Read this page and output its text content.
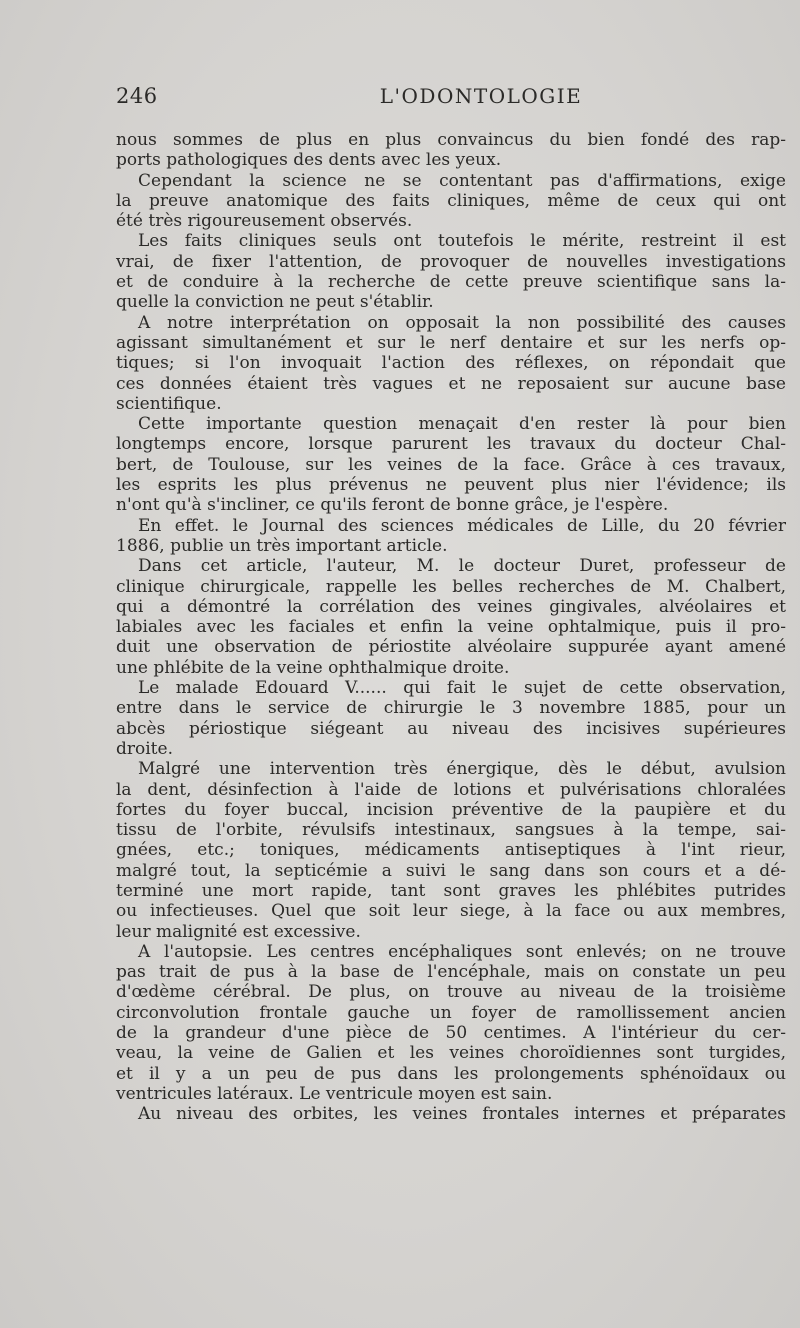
246	L'ODONTOLOGIE
nous sommes de plus en plus convaincus du bien fondé des rap-
ports pathologiques des dents avec les yeux.
Cependant la science ne se contentant pas d'affirmations, exige
la preuve anatomique des faits cliniques, même de ceux qui ont
été très rigoureusement observés.
Les faits cliniques seuls ont toutefois le mérite, restreint il est
vrai, de fixer l'attention, de provoquer de nouvelles investigations
et de conduire à la recherche de cette preuve scientifique sans la-
quelle la conviction ne peut s'établir.
A notre interprétation on opposait la non possibilité des causes
agissant simultanément et sur le nerf dentaire et sur les nerfs op-
tiques; si l'on invoquait l'action des réflexes, on répondait que
ces données étaient très vagues et ne reposaient sur aucune base
scientifique.
Cette importante question menaçait d'en rester là pour bien
longtemps encore, lorsque parurent les travaux du docteur Chal-
bert, de Toulouse, sur les veines de la face. Grâce à ces travaux,
les esprits les plus prévenus ne peuvent plus nier l'évidence; ils
n'ont qu'à s'incliner, ce qu'ils feront de bonne grâce, je l'espère.
En effet. le Journal des sciences médicales de Lille, du 20 février
1886, publie un très important article.
Dans cet article, l'auteur, M. le docteur Duret, professeur de
clinique chirurgicale, rappelle les belles recherches de M. Chalbert,
qui a démontré la corrélation des veines gingivales, alvéolaires et
labiales avec les faciales et enfin la veine ophtalmique, puis il pro-
duit une observation de périostite alvéolaire suppurée ayant amené
une phlébite de la veine ophthalmique droite.
Le malade Edouard V...... qui fait le sujet de cette observation,
entre dans le service de chirurgie le 3 novembre 1885, pour un
abcès périostique siégeant au niveau des incisives supérieures
droite.
Malgré une intervention très énergique, dès le début, avulsion
la dent, désinfection à l'aide de lotions et pulvérisations chloralées
fortes du foyer buccal, incision préventive de la paupière et du
tissu de l'orbite, révulsifs intestinaux, sangsues à la tempe, sai-
gnées, etc.; toniques, médicaments antiseptiques à l'int rieur,
malgré tout, la septicémie a suivi le sang dans son cours et a dé-
terminé une mort rapide, tant sont graves les phlébites putrides
ou infectieuses. Quel que soit leur siege, à la face ou aux membres,
leur malignité est excessive.
A l'autopsie. Les centres encéphaliques sont enlevés; on ne trouve
pas trait de pus à la base de l'encéphale, mais on constate un peu
d'œdème cérébral. De plus, on trouve au niveau de la troisième
circonvolution frontale gauche un foyer de ramollissement ancien
de la grandeur d'une pièce de 50 centimes. A l'intérieur du cer-
veau, la veine de Galien et les veines choroïdiennes sont turgides,
et il y a un peu de pus dans les prolongements sphénoïdaux ou
ventricules latéraux. Le ventricule moyen est sain.
Au niveau des orbites, les veines frontales internes et préparates
